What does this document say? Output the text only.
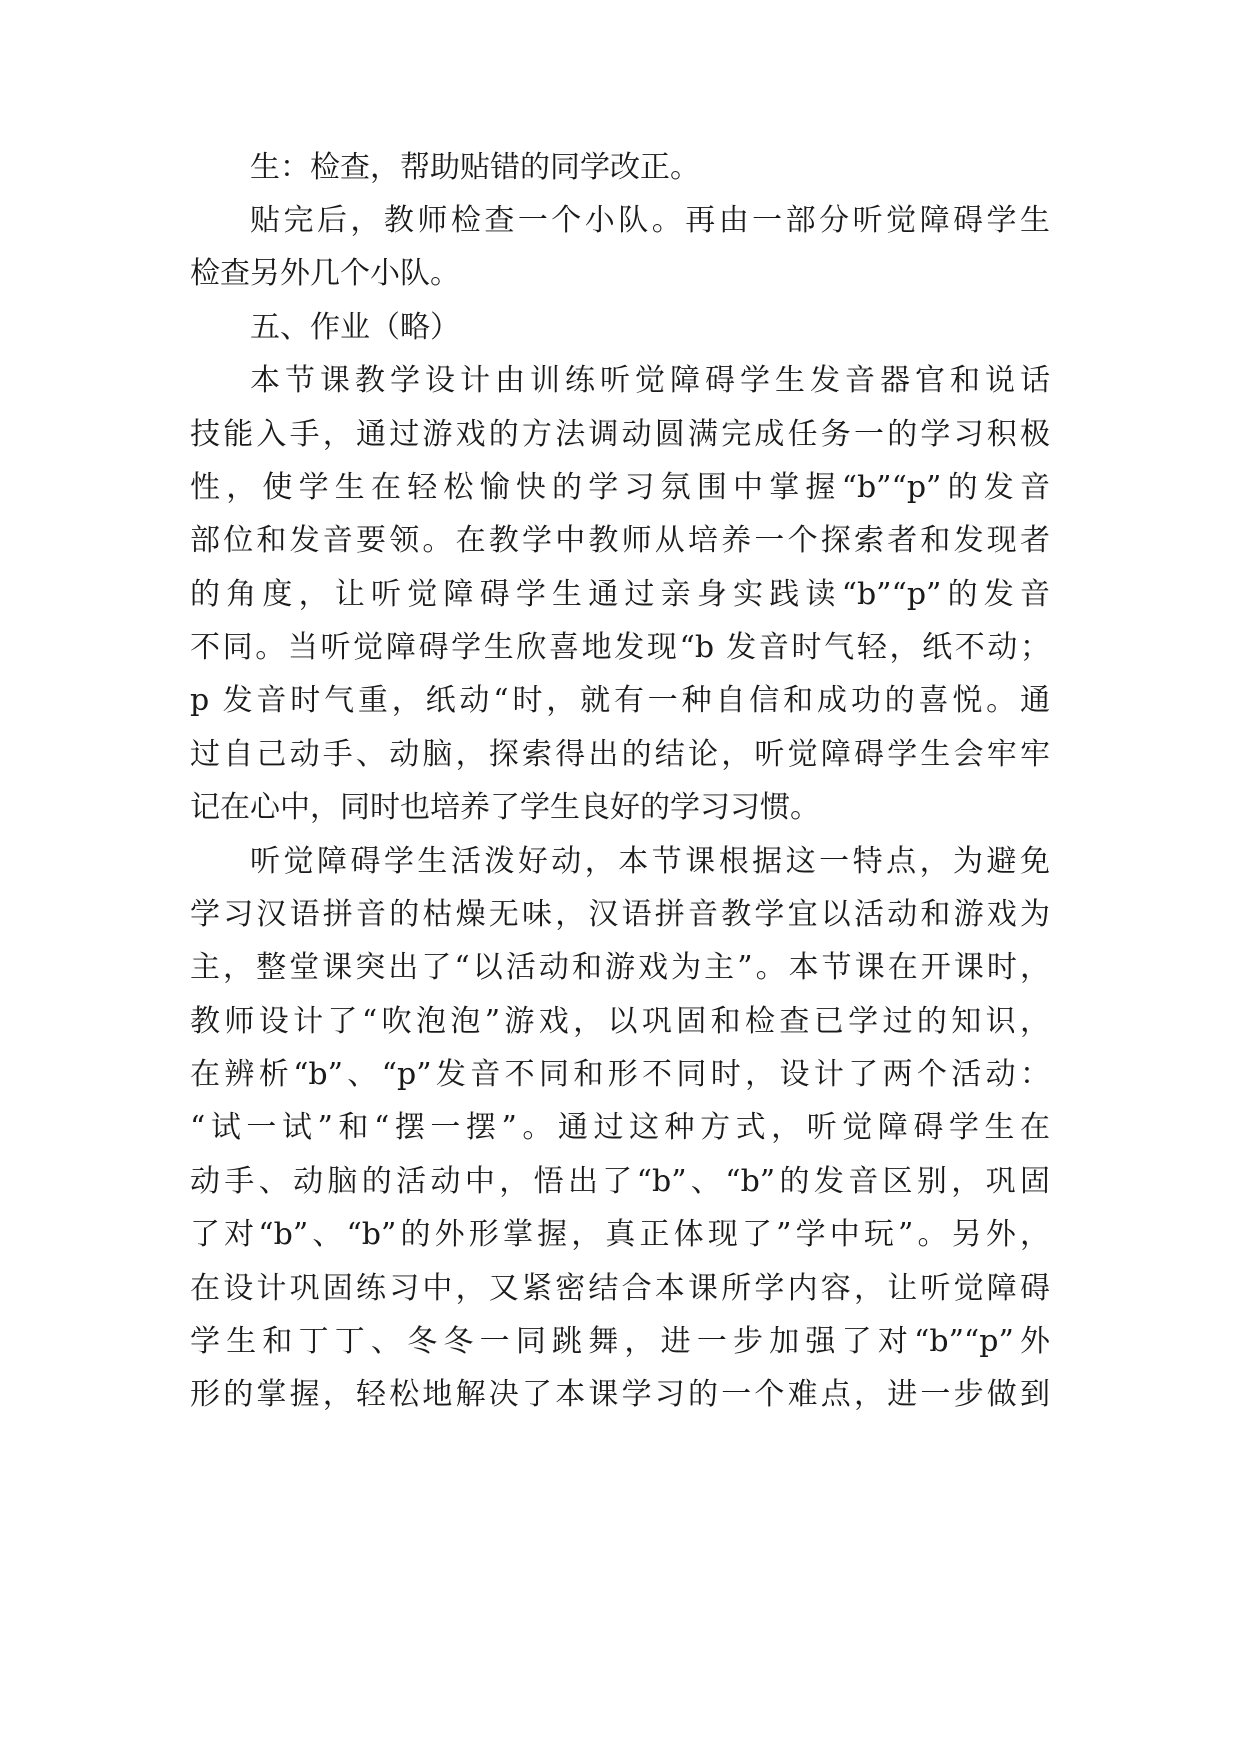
生：检查，帮助贴错的同学改正。
贴完后，教师检查一个小队。再由一部分听觉障碍学生
检查另外几个小队。
五、作业（略）
本节课教学设计由训练听觉障碍学生发音器官和说话
技能入手，通过游戏的方法调动圆满完成任务一的学习积极
性，使学生在轻松愉快的学习氛围中掌握“b”“p”的发音
部位和发音要领。在教学中教师从培养一个探索者和发现者
的角度，让听觉障碍学生通过亲身实践读“b”“p”的发音
不同。当听觉障碍学生欣喜地发现“b 发音时气轻，纸不动；
p 发音时气重，纸动“时，就有一种自信和成功的喜悦。通
过自己动手、动脑，探索得出的结论，听觉障碍学生会牢牢
记在心中，同时也培养了学生良好的学习习惯。
听觉障碍学生活泼好动，本节课根据这一特点，为避免
学习汉语拼音的枯燥无味，汉语拼音教学宜以活动和游戏为
主，整堂课突出了“以活动和游戏为主”。本节课在开课时，
教师设计了“吹泡泡”游戏，以巩固和检查已学过的知识，
在辨析“b”、“p”发音不同和形不同时，设计了两个活动：
“试一试”和“摆一摆”。通过这种方式，听觉障碍学生在
动手、动脑的活动中，悟出了“b”、“b”的发音区别，巩固
了对“b”、“b”的外形掌握，真正体现了”学中玩”。另外，
在设计巩固练习中，又紧密结合本课所学内容，让听觉障碍
学生和丁丁、冬冬一同跳舞，进一步加强了对“b”“p”外
形的掌握，轻松地解决了本课学习的一个难点，进一步做到
